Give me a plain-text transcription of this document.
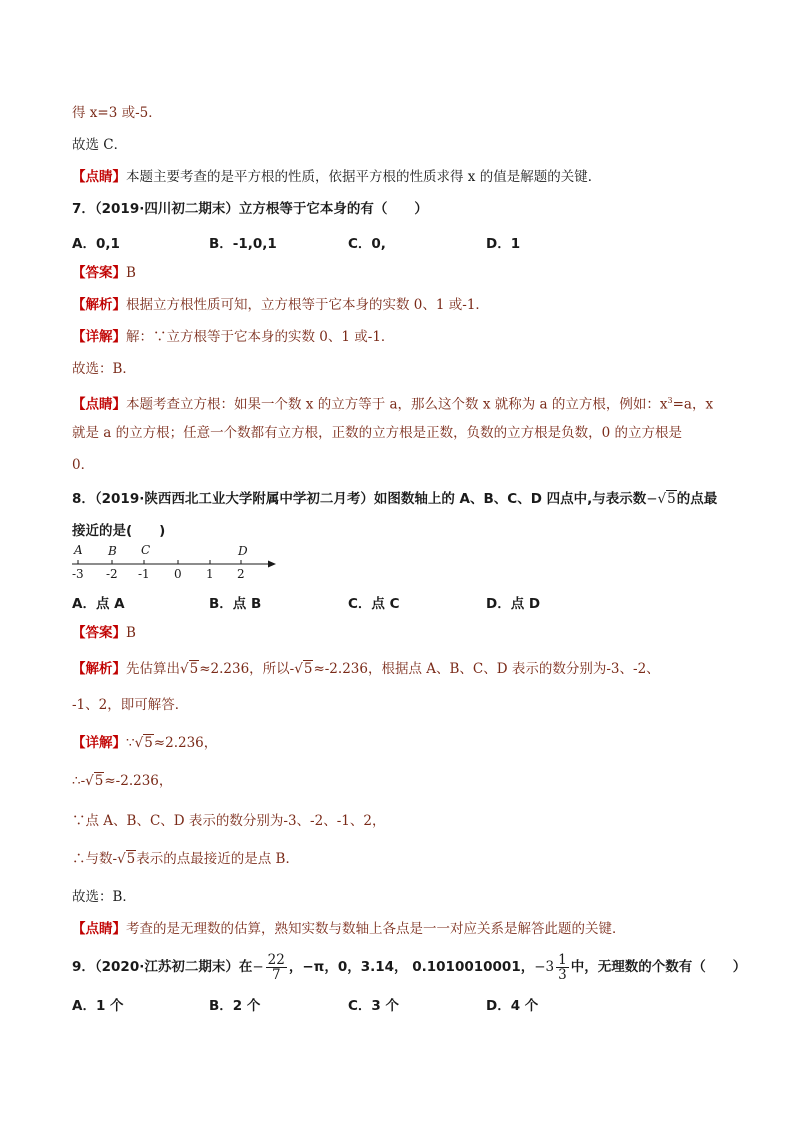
得 x=3 或-5．
故选 C．
【点睛】本题主要考查的是平方根的性质，依据平方根的性质求得 x 的值是解题的关键．
7．（2019·四川初二期末）立方根等于它本身的有（　　）
A．0,1	B．-1,0,1	C．0,	D．1
【答案】B
【解析】根据立方根性质可知，立方根等于它本身的实数 0、1 或-1．
【详解】解：∵立方根等于它本身的实数 0、1 或-1．
故选：B．
【点睛】本题考查立方根：如果一个数 x 的立方等于 a，那么这个数 x 就称为 a 的立方根，例如：$x^3=a$，x
就是 a 的立方根；任意一个数都有立方根，正数的立方根是正数，负数的立方根是负数，0 的立方根是
0．
8．（2019·陕西西北工业大学附属中学初二月考）如图数轴上的 A、B、C、D 四点中,与表示数−√5的点最
接近的是(　　)
A B C	D
-3 -2 -1 0 1 2
A．点 A	B．点 B	C．点 C	D．点 D
【答案】B
【解析】先估算出√5≈2.236，所以-√5≈-2.236，根据点 A、B、C、D 表示的数分别为-3、-2、
-1、2，即可解答．
【详解】∵√5≈2.236，
∴-√5≈-2.236，
∵点 A、B、C、D 表示的数分别为-3、-2、-1、2，
∴与数-√5表示的点最接近的是点 B．
故选：B．
【点睛】考查的是无理数的估算，熟知实数与数轴上各点是一一对应关系是解答此题的关键．
9．（2020·江苏初二期末）在− $\frac{22}{7}$ ，−π，0，3.14， 0.1010010001，$-3 \frac{1}{3}$ 中，无理数的个数有（　　）
A．1 个	B．2 个	C．3 个	D．4 个
